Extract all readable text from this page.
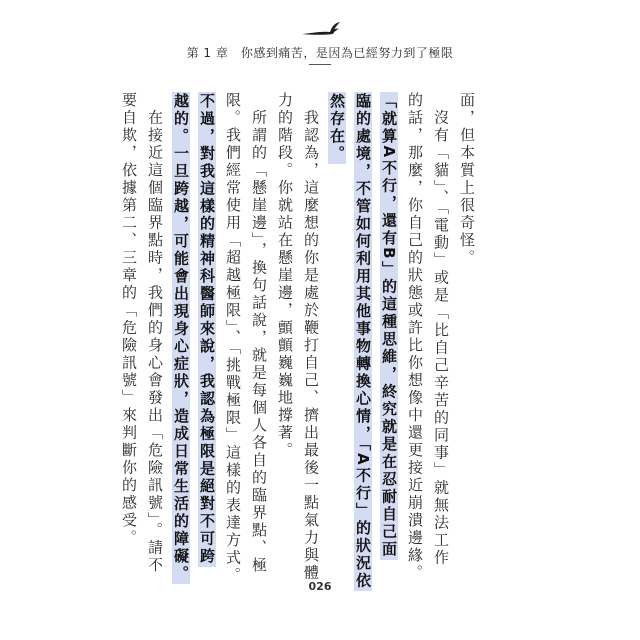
第 1 章　 你感到痛苦，是因為已經努力到了極限
面，但本質上很奇怪。
　沒有「貓」、「電動」或是「比自己辛苦的同事」就無法工作
的話，那麼，你自己的狀態或許比你想像中還更接近崩潰邊緣。
「就算A不行，還有B」的這種思維，終究就是在忍耐自己面
臨的處境，不管如何利用其他事物轉換心情，「A不行」的狀況依
然存在。
　我認為，這麼想的你是處於鞭打自己、擠出最後一點氣力與體
力的階段。你就站在懸崖邊，顫顫巍巍地撐著。
　所謂的「懸崖邊」，換句話說，就是每個人各自的臨界點、極
限。我們經常使用「超越極限」、「挑戰極限」這樣的表達方式。
不過，對我這樣的精神科醫師來說，我認為極限是絕對不可跨
越的。一旦跨越，可能會出現身心症狀，造成日常生活的障礙。
　在接近這個臨界點時，我們的身心會發出「危險訊號」。請不
要自欺，依據第二、三章的「危險訊號」來判斷你的感受。
026
